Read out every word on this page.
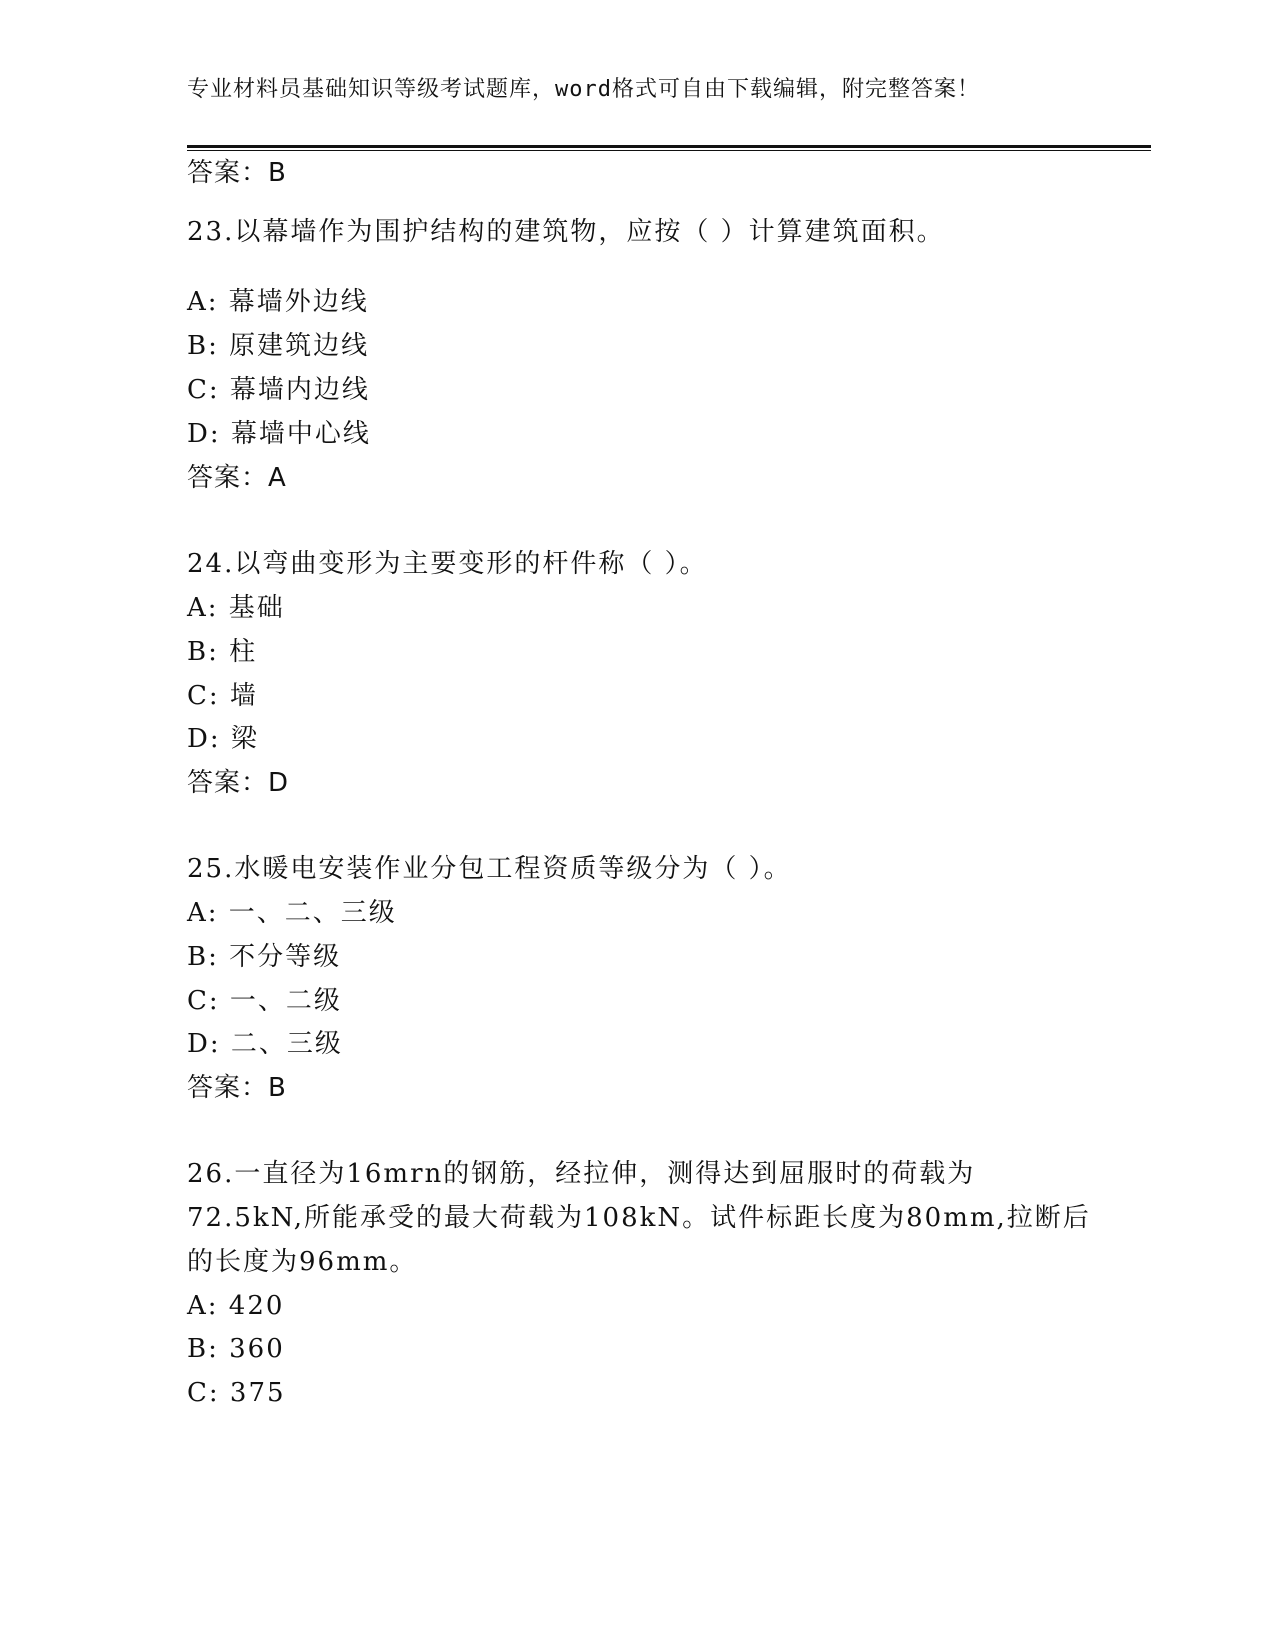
专业材料员基础知识等级考试题库，word格式可自由下载编辑，附完整答案！
答案：B
23.以幕墙作为围护结构的建筑物，应按（ ）计算建筑面积。
A: 幕墙外边线
B: 原建筑边线
C: 幕墙内边线
D: 幕墙中心线
答案：A
24.以弯曲变形为主要变形的杆件称（ ）。
A: 基础
B: 柱
C: 墙
D: 梁
答案：D
25.水暖电安装作业分包工程资质等级分为（ ）。
A: 一、二、三级
B: 不分等级
C: 一、二级
D: 二、三级
答案：B
26.一直径为16mrn的钢筋，经拉伸，测得达到屈服时的荷载为
72.5kN,所能承受的最大荷载为108kN。试件标距长度为80mm,拉断后
的长度为96mm。
A: 420
B: 360
C: 375
